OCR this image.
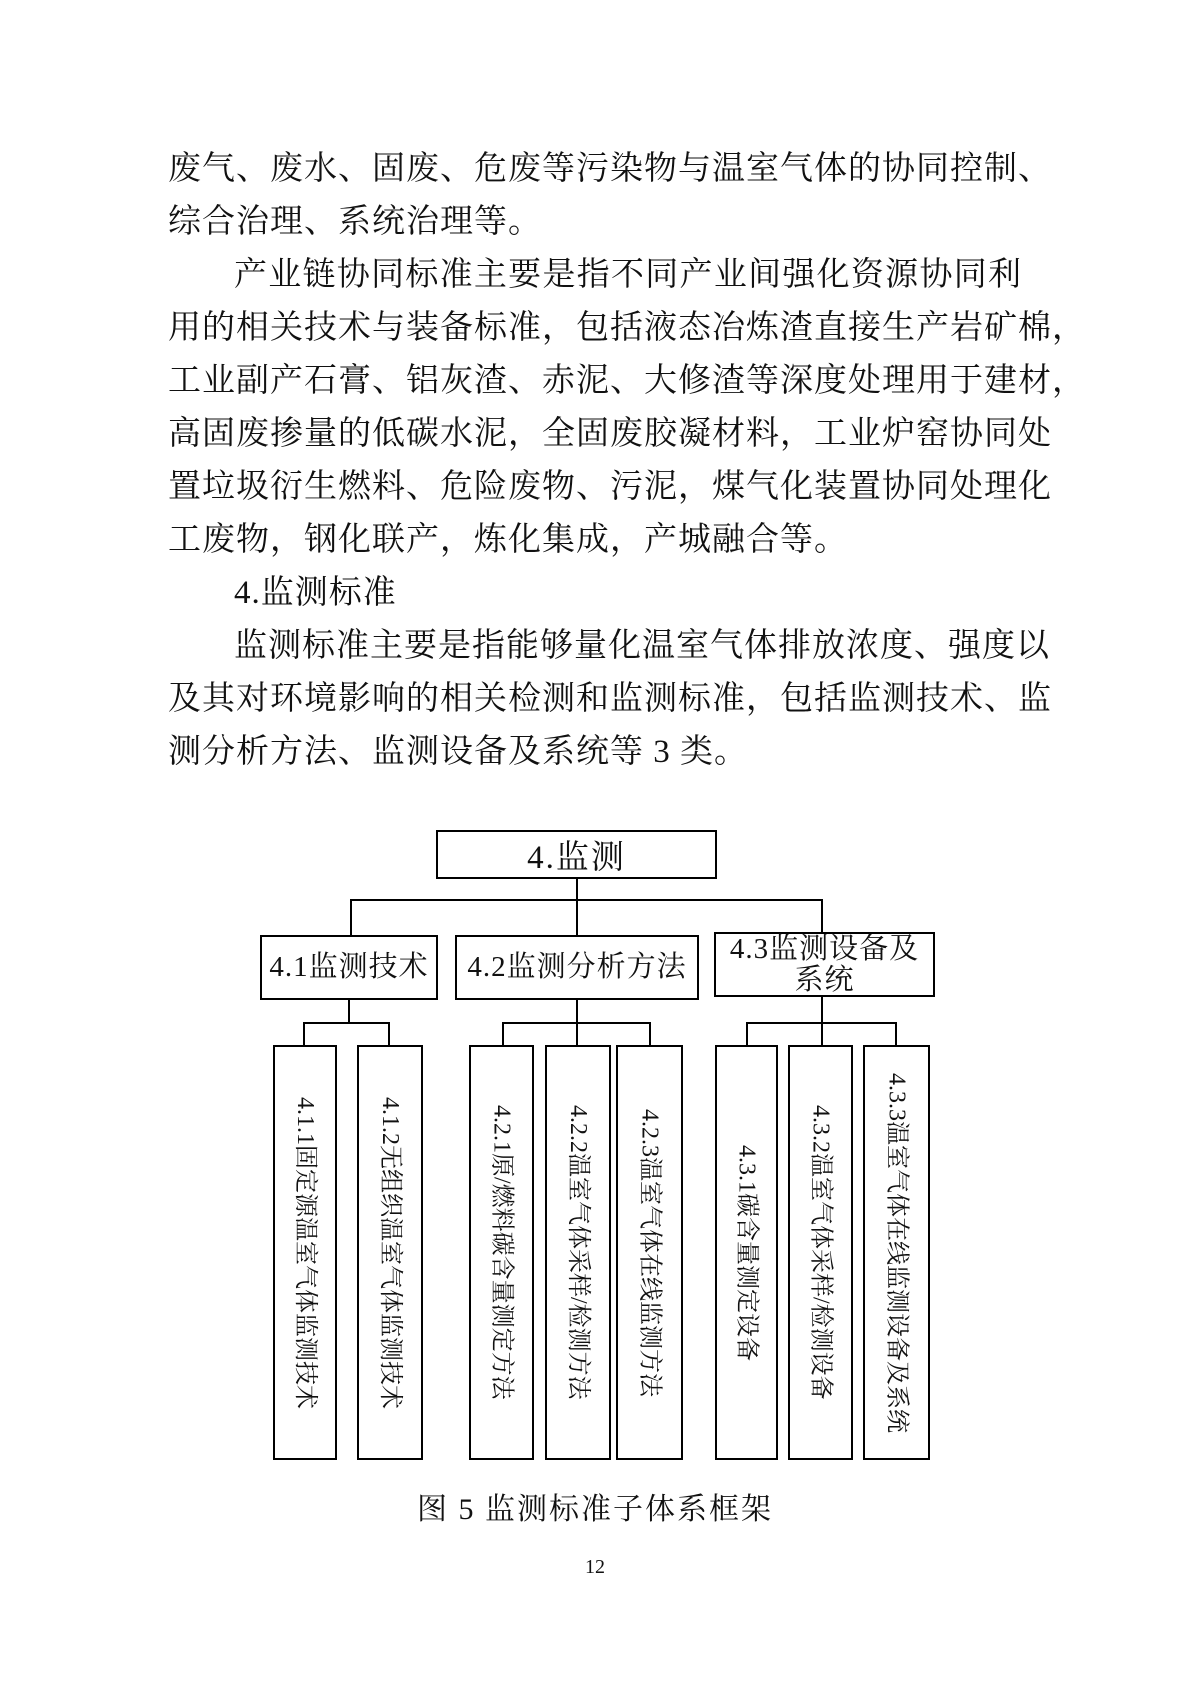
废气、废水、固废、危废等污染物与温室气体的协同控制、
综合治理、系统治理等。
产业链协同标准主要是指不同产业间强化资源协同利
用的相关技术与装备标准，包括液态冶炼渣直接生产岩矿棉，
工业副产石膏、铝灰渣、赤泥、大修渣等深度处理用于建材，
高固废掺量的低碳水泥，全固废胶凝材料，工业炉窑协同处
置垃圾衍生燃料、危险废物、污泥，煤气化装置协同处理化
工废物，钢化联产，炼化集成，产城融合等。
4.监测标准
监测标准主要是指能够量化温室气体排放浓度、强度以
及其对环境影响的相关检测和监测标准，包括监测技术、监
测分析方法、监测设备及系统等 3 类。
4.监测
4.1监测技术 4.2监测分析方法
4.3监测设备及系统
4.1.1固定源温室气体监测技术 4.1.2无组织温室气体监测技术	4.2.1原/燃料碳含量测定方法 4.2.2温室气体采样/检测方法 4.2.3温室气体在线监测方法	4.3.1碳含量测定设备 4.3.2温室气体采样/检测设备 4.3.3温室气体在线监测设备及系统
图 5 监测标准子体系框架
12
